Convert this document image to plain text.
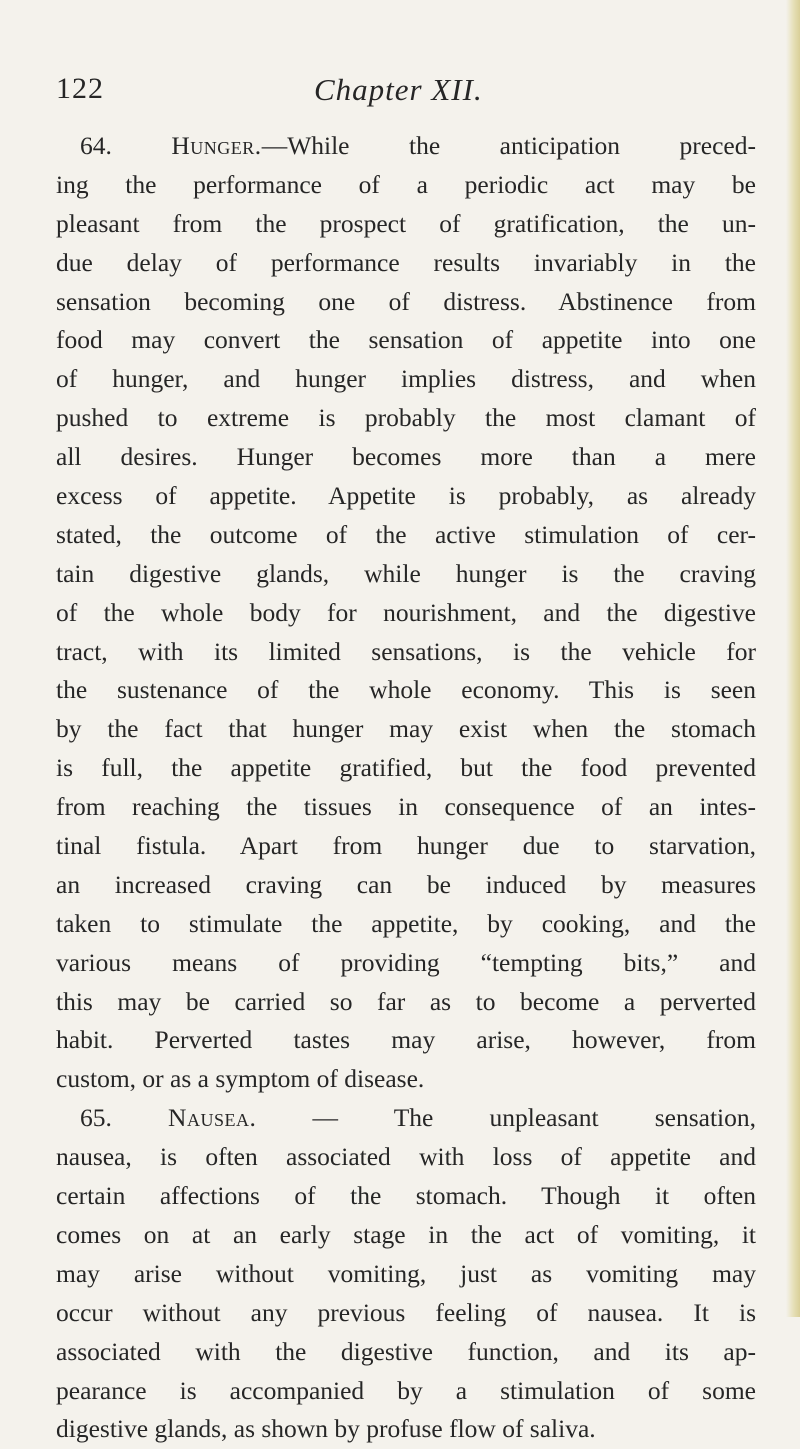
122	Chapter XII.
64. Hunger.—While the anticipation preced-
ing the performance of a periodic act may be
pleasant from the prospect of gratification, the un-
due delay of performance results invariably in the
sensation becoming one of distress. Abstinence from
food may convert the sensation of appetite into one
of hunger, and hunger implies distress, and when
pushed to extreme is probably the most clamant of
all desires. Hunger becomes more than a mere
excess of appetite. Appetite is probably, as already
stated, the outcome of the active stimulation of cer-
tain digestive glands, while hunger is the craving
of the whole body for nourishment, and the digestive
tract, with its limited sensations, is the vehicle for
the sustenance of the whole economy. This is seen
by the fact that hunger may exist when the stomach
is full, the appetite gratified, but the food prevented
from reaching the tissues in consequence of an intes-
tinal fistula. Apart from hunger due to starvation,
an increased craving can be induced by measures
taken to stimulate the appetite, by cooking, and the
various means of providing “tempting bits,” and
this may be carried so far as to become a perverted
habit. Perverted tastes may arise, however, from
custom, or as a symptom of disease.
65. Nausea. — The unpleasant sensation,
nausea, is often associated with loss of appetite and
certain affections of the stomach. Though it often
comes on at an early stage in the act of vomiting, it
may arise without vomiting, just as vomiting may
occur without any previous feeling of nausea. It is
associated with the digestive function, and its ap-
pearance is accompanied by a stimulation of some
digestive glands, as shown by profuse flow of saliva.
